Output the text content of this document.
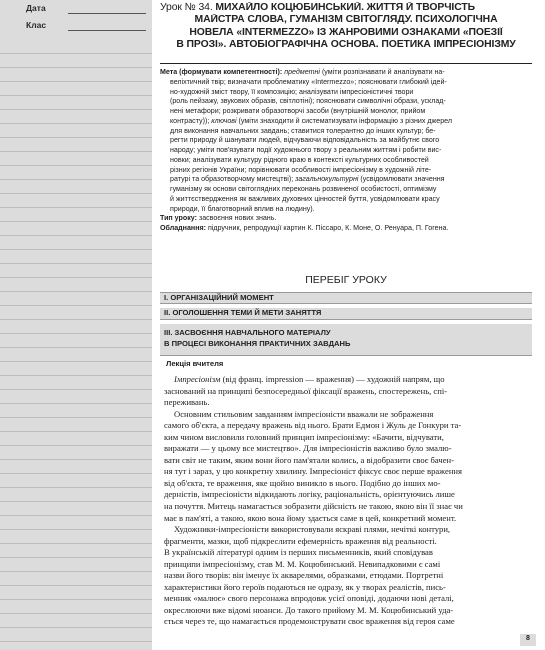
Дата
Клас
Урок № 34. МИХАЙЛО КОЦЮБИНСЬКИЙ. ЖИТТЯ Й ТВОРЧІСТЬ
МАЙСТРА СЛОВА, ГУМАНІЗМ СВІТОГЛЯДУ. ПСИХОЛОГІЧНА
НОВЕЛА «INTERMEZZO» ІЗ ЖАНРОВИМИ ОЗНАКАМИ «ПОЕЗІЇ
В ПРОЗІ». АВТОБІОГРАФІЧНА ОСНОВА. ПОЕТИКА ІМПРЕСІОНІЗМУ
Мета (формувати компетентності): предметні (уміти розпізнавати й аналізувати на-
веліхтичний твір; визначати проблематику «Intermezzo»; пояснювати глибокий ідей-
но-художній зміст твору, її композицію; аналізувати імпресіоністичні твори
(роль пейзажу, звукових образів, світлотіні); пояснювати символічні образи, усклад-
нені метафори; розкривати образотворчі засоби (внутрішній монолог, прийом
контрасту)); ключові (уміти знаходити й систематизувати інформацію з різних джерел
для виконання навчальних завдань; ставитися толерантно до інших культур; бе-
регти природу й шанувати людей, відчуваючи відповідальність за майбутнє свого
народу; уміти пов'язувати події художнього твору з реальним життям і робити вис-
новки; аналізувати культуру рідного краю в контексті культурних особливостей
різних регіонів України; порівнювати особливості імпресіонізму в художній літе-
ратурі та образотворчому мистецтві); загальнокультурні (усвідомлювати значення
гуманізму як основи світоглядних переконань розвиненої особистості, оптимізму
й життєствердження як важливих духовних цінностей буття, усвідомлювати красу
природи, її благотворний вплив на людину).
Тип уроку: засвоєння нових знань.
Обладнання: підручник, репродукції картин К. Піссаро, К. Моне, О. Ренуара, П. Гогена.
ПЕРЕБІГ УРОКУ
I. ОРГАНІЗАЦІЙНИЙ МОМЕНТ
II. ОГОЛОШЕННЯ ТЕМИ Й МЕТИ ЗАНЯТТЯ
III. ЗАСВОЄННЯ НАВЧАЛЬНОГО МАТЕРІАЛУ
В ПРОЦЕСІ ВИКОНАННЯ ПРАКТИЧНИХ ЗАВДАНЬ
Лекція вчителя
Імпресіонізм (від франц. impression — враження) — художній напрям, що
заснований на принципі безпосередньої фіксації вражень, спостережень, спі-
переживань.
Основним стильовим завданням імпресіоністи вважали не зображення
самого об'єкта, а передачу вражень від нього. Брати Едмон і Жуль де Гонкури та-
ким чином висловили головний принцип імпресіонізму: «Бачити, відчувати,
виражати — у цьому все мистецтво». Для імпресіоністів важливо було змалю-
вати світ не таким, яким вони його пам'ятали колись, а відобразити своє бачен-
ня тут і зараз, у цю конкретну хвилину. Імпресіоніст фіксує своє перше враження
від об'єкта, те враження, яке щойно виникло в нього. Подібно до інших мо-
дерністів, імпресіоністи відкидають логіку, раціональність, орієнтуючись лише
на почуття. Митець намагається зобразити дійсність не такою, якою він її знає чи
має в пам'яті, а такою, якою вона йому здається саме в цей, конкретний момент.
Художники-імпресіоністи використовували яскраві плями, нечіткі контури,
фрагменти, мазки, щоб підкреслити ефемерність враження від реальності.
В українській літературі одним із перших письменників, який сповідував
принципи імпресіонізму, став М. М. Коцюбинський. Невипадковими є самі
назви його творів: він іменує їх акварелями, образками, етюдами. Портретні
характеристики його героїв подаються не одразу, як у творах реалістів, пись-
менник «малює» свого персонажа впродовж усієї оповіді, додаючи нові деталі,
окреслюючи вже відомі нюанси. До такого прийому М. М. Коцюбинський уда-
ється через те, що намагається продемонструвати своє враження від героя саме
8
